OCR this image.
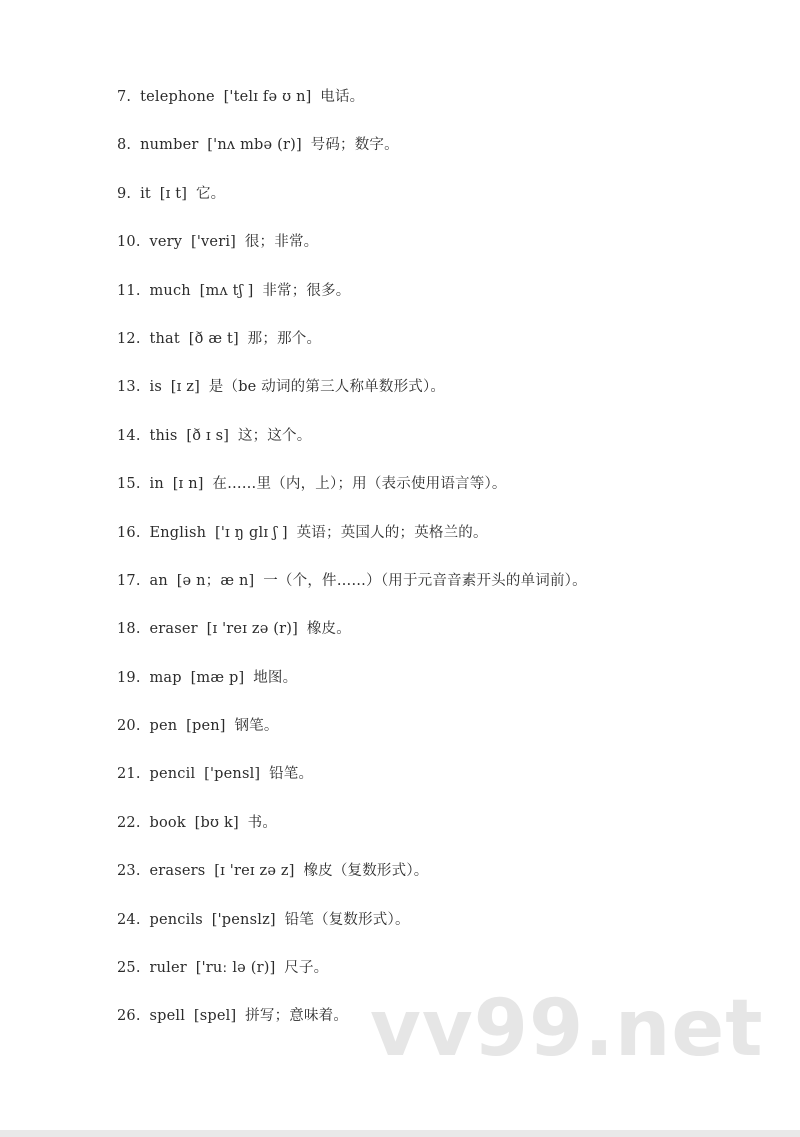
7. telephone ['telɪ fə ʊ n] 电话。
8. number ['nʌ mbə (r)] 号码；数字。
9. it [ɪ t] 它。
10. very ['veri] 很；非常。
11. much [mʌ tʃ ] 非常；很多。
12. that [ð æ t] 那；那个。
13. is [ɪ z] 是（be 动词的第三人称单数形式）。
14. this [ð ɪ s] 这；这个。
15. in [ɪ n] 在……里（内，上）；用（表示使用语言等）。
16. English ['ɪ ŋ glɪ ʃ ] 英语；英国人的；英格兰的。
17. an [ə n；æ n] 一（个，件……）（用于元音音素开头的单词前）。
18. eraser [ɪ 'reɪ zə (r)] 橡皮。
19. map [mæ p] 地图。
20. pen [pen] 钢笔。
21. pencil ['pensl] 铅笔。
22. book [bʊ k] 书。
23. erasers [ɪ 'reɪ zə z] 橡皮（复数形式）。
24. pencils ['penslz] 铅笔（复数形式）。
25. ruler ['ruː lə (r)] 尺子。
26. spell [spel] 拼写；意味着。 vv99.net
